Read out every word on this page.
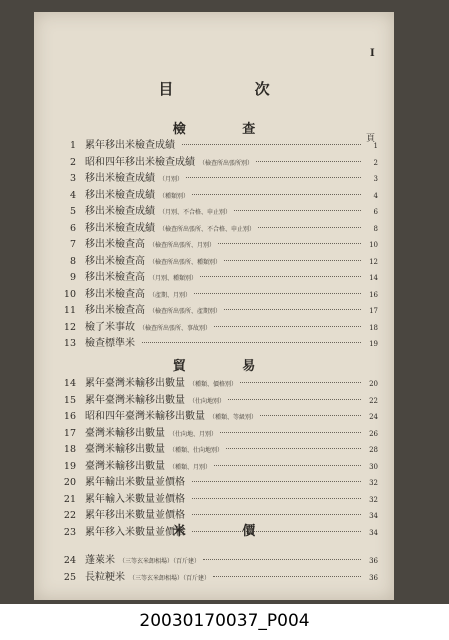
I
目 次
檢 查
頁
1 累年移出米檢查成績	1
2 昭和四年移出米檢查成績 （檢查所出張所別）	2
3 移出米檢查成績 （月別）	3
4 移出米檢查成績 （種類別）	4
5 移出米檢查成績 （月別、不合格、申止別）	6
6 移出米檢查成績 （檢查所出張所、不合格、申止別）	8
7 移出米檢查高 （檢查所出張所、月別）	10
8 移出米檢查高 （檢查所出張所、種類別）	12
9 移出米檢查高 （月別、種類別）	14
10 移出米檢查高 （產期、月別）	16
11 移出米檢查高 （檢查所出張所、產期別）	17
12 檢了米事故 （檢查所出張所、事故別）	18
13 檢查標準米	19
貿 易
14 累年臺灣米輸移出數量 （種類、價格別）	20
15 累年臺灣米輸移出數量 （仕向地別）	22
16 昭和四年臺灣米輸移出數量 （種類、等級別）	24
17 臺灣米輸移出數量 （仕向地、月別）	26
18 臺灣米輸移出數量 （種類、仕向地別）	28
19 臺灣米輸移出數量 （種類、月別）	30
20 累年輸出米數量並價格	32
21 累年輸入米數量並價格	32
22 累年移出米數量並價格	34
23 累年移入米數量並價格	34
米 價
24 蓬萊米 （三等玄米卸相場）（百斤建）	36
25 長粒粳米 （三等玄米卸相場）（百斤建）	36
20030170037_P004
